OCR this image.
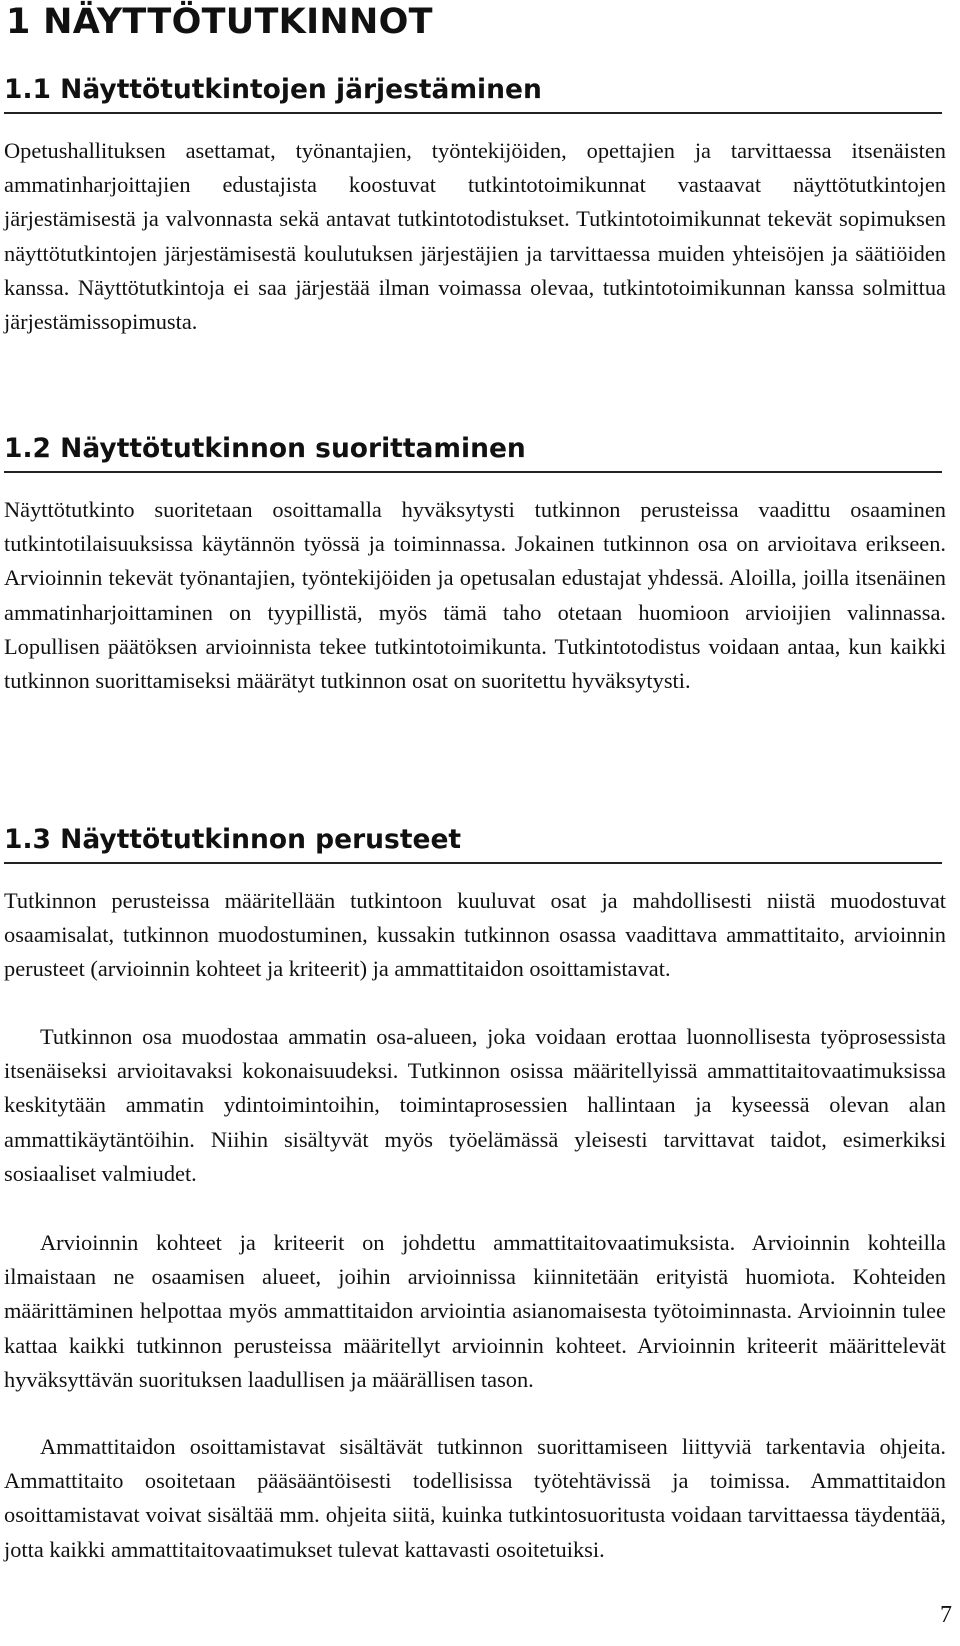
1 NÄYTTÖTUTKINNOT
1.1 Näyttötutkintojen järjestäminen

Opetushallituksen asettamat, työnantajien, työntekijöiden, opettajien ja tarvittaessa itsenäisten ammatinharjoittajien edustajista koostuvat tutkintotoimikunnat vastaavat näyttötutkintojen järjestämisestä ja valvonnasta sekä antavat tutkintotodistukset. Tutkintotoimikunnat tekevät sopimuksen näyttötutkintojen järjestämisestä koulutuksen järjestäjien ja tarvittaessa muiden yhteisöjen ja säätiöiden kanssa. Näyttötutkintoja ei saa järjestää ilman voimassa olevaa, tutkintotoimikunnan kanssa solmittua järjestämissopimusta.

1.2 Näyttötutkinnon suorittaminen

Näyttötutkinto suoritetaan osoittamalla hyväksytysti tutkinnon perusteissa vaadittu osaaminen tutkintotilaisuuksissa käytännön työssä ja toiminnassa. Jokainen tutkinnon osa on arvioitava erikseen. Arvioinnin tekevät työnantajien, työntekijöiden ja opetusalan edustajat yhdessä. Aloilla, joilla itsenäinen ammatinharjoittaminen on tyypillistä, myös tämä taho otetaan huomioon arvioijien valinnassa. Lopullisen päätöksen arvioinnista tekee tutkintotoimikunta. Tutkintotodistus voidaan antaa, kun kaikki tutkinnon suorittamiseksi määrätyt tutkinnon osat on suoritettu hyväksytysti.

1.3 Näyttötutkinnon perusteet

Tutkinnon perusteissa määritellään tutkintoon kuuluvat osat ja mahdollisesti niistä muodostuvat osaamisalat, tutkinnon muodostuminen, kussakin tutkinnon osassa vaadittava ammattitaito, arvioinnin perusteet (arvioinnin kohteet ja kriteerit) ja ammattitaidon osoittamistavat.

Tutkinnon osa muodostaa ammatin osa-alueen, joka voidaan erottaa luonnollisesta työprosessista itsenäiseksi arvioitavaksi kokonaisuudeksi. Tutkinnon osissa määritellyissä ammattitaitovaatimuksissa keskitytään ammatin ydintoimintoihin, toimintaprosessien hallintaan ja kyseessä olevan alan ammattikäytäntöihin. Niihin sisältyvät myös työelämässä yleisesti tarvittavat taidot, esimerkiksi sosiaaliset valmiudet.

Arvioinnin kohteet ja kriteerit on johdettu ammattitaitovaatimuksista. Arvioinnin kohteilla ilmaistaan ne osaamisen alueet, joihin arvioinnissa kiinnitetään erityistä huomiota. Kohteiden määrittäminen helpottaa myös ammattitaidon arviointia asianomaisesta työtoiminnasta. Arvioinnin tulee kattaa kaikki tutkinnon perusteissa määritellyt arvioinnin kohteet. Arvioinnin kriteerit määrittelevät hyväksyttävän suorituksen laadullisen ja määrällisen tason.

Ammattitaidon osoittamistavat sisältävät tutkinnon suorittamiseen liittyviä tarkentavia ohjeita. Ammattitaito osoitetaan pääsääntöisesti todellisissa työtehtävissä ja toimissa. Ammattitaidon osoittamistavat voivat sisältää mm. ohjeita siitä, kuinka tutkintosuoritusta voidaan tarvittaessa täydentää, jotta kaikki ammattitaitovaatimukset tulevat kattavasti osoitetuiksi.

7
